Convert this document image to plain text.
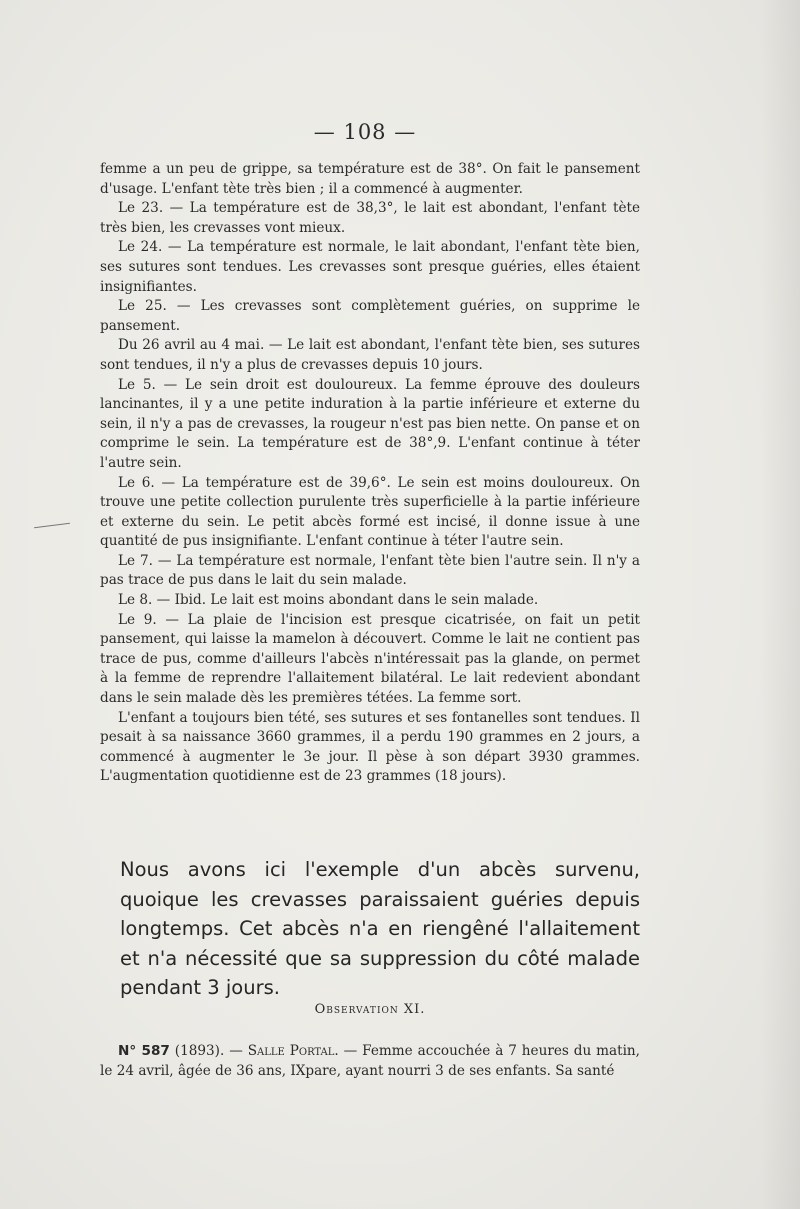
— 108 —

femme a un peu de grippe, sa température est de 38°. On fait le pansement d'usage. L'enfant tète très bien ; il a commencé à augmenter.

Le 23. — La température est de 38,3°, le lait est abondant, l'enfant tète très bien, les crevasses vont mieux.

Le 24. — La température est normale, le lait abondant, l'enfant tète bien, ses sutures sont tendues. Les crevasses sont presque guéries, elles étaient insignifiantes.

Le 25. — Les crevasses sont complètement guéries, on supprime le pansement.

Du 26 avril au 4 mai. — Le lait est abondant, l'enfant tète bien, ses sutures sont tendues, il n'y a plus de crevasses depuis 10 jours.

Le 5. — Le sein droit est douloureux. La femme éprouve des douleurs lancinantes, il y a une petite induration à la partie inférieure et externe du sein, il n'y a pas de crevasses, la rougeur n'est pas bien nette. On panse et on comprime le sein. La température est de 38°,9. L'enfant continue à téter l'autre sein.

Le 6. — La température est de 39,6°. Le sein est moins douloureux. On trouve une petite collection purulente très superficielle à la partie inférieure et externe du sein. Le petit abcès formé est incisé, il donne issue à une quantité de pus insignifiante. L'enfant continue à téter l'autre sein.

Le 7. — La température est normale, l'enfant tète bien l'autre sein. Il n'y a pas trace de pus dans le lait du sein malade.

Le 8. — Ibid. Le lait est moins abondant dans le sein malade.

Le 9. — La plaie de l'incision est presque cicatrisée, on fait un petit pansement, qui laisse la mamelon à découvert. Comme le lait ne contient pas trace de pus, comme d'ailleurs l'abcès n'intéressait pas la glande, on permet à la femme de reprendre l'allaitement bilatéral. Le lait redevient abondant dans le sein malade dès les premières tétées. La femme sort.

L'enfant a toujours bien tété, ses sutures et ses fontanelles sont tendues. Il pesait à sa naissance 3660 grammes, il a perdu 190 grammes en 2 jours, a commencé à augmenter le 3e jour. Il pèse à son départ 3930 grammes. L'augmentation quotidienne est de 23 grammes (18 jours).

Nous avons ici l'exemple d'un abcès survenu, quoique les crevasses paraissaient guéries depuis longtemps. Cet abcès n'a en riengêné l'allaitement et n'a nécessité que sa suppression du côté malade pendant 3 jours.

Observation XI.

N° 587 (1893). — Salle Portal. — Femme accouchée à 7 heures du matin, le 24 avril, âgée de 36 ans, IXpare, ayant nourri 3 de ses enfants. Sa santé
